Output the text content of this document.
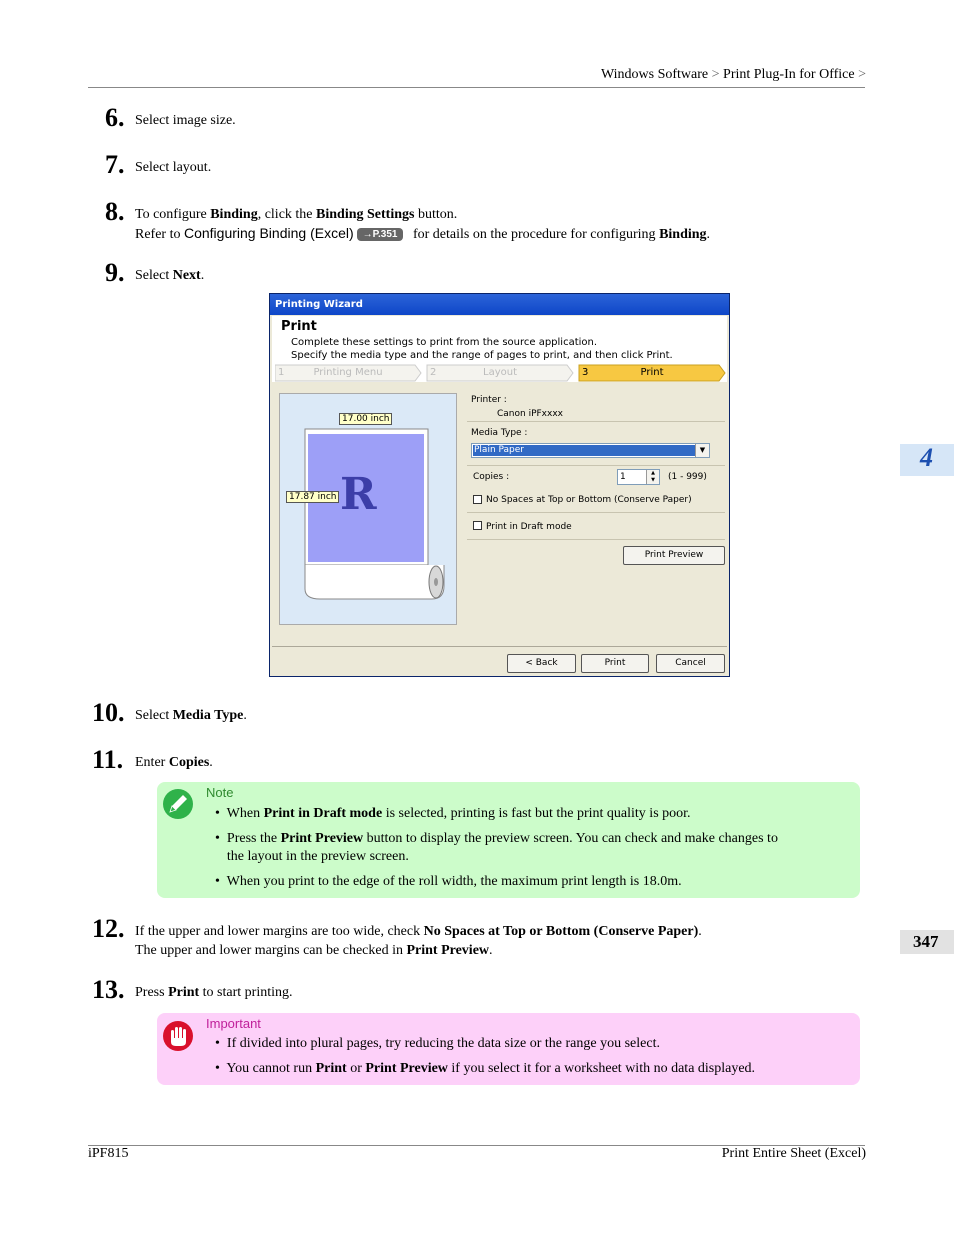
Windows Software > Print Plug-In for Office >
6. Select image size.
7. Select layout.
8. To configure Binding, click the Binding Settings button.
Refer to Configuring Binding (Excel) →P.351 for details on the procedure for configuring Binding.
9. Select Next.
Printing Wizard
Print
Complete these settings to print from the source application.
Specify the media type and the range of pages to print, and then click Print.
1	Printing Menu	2	Layout	3	Print
R
17.00 inch
17.87 inch
Printer :
Canon iPFxxxx
Media Type :
Plain Paper	▼
Copies :	1	▲
▼	(1 - 999)
No Spaces at Top or Bottom (Conserve Paper)
Print in Draft mode
Print Preview
< Back	Print	Cancel
10. Select Media Type.
11. Enter Copies.
Note
• When Print in Draft mode is selected, printing is fast but the print quality is poor.
• Press the Print Preview button to display the preview screen. You can check and make changes to
the layout in the preview screen.
• When you print to the edge of the roll width, the maximum print length is 18.0m.
12. If the upper and lower margins are too wide, check No Spaces at Top or Bottom (Conserve Paper).
The upper and lower margins can be checked in Print Preview.
13. Press Print to start printing.
Important
• If divided into plural pages, try reducing the data size or the range you select.
• You cannot run Print or Print Preview if you select it for a worksheet with no data displayed.
4
347
iPF815	Print Entire Sheet (Excel)
